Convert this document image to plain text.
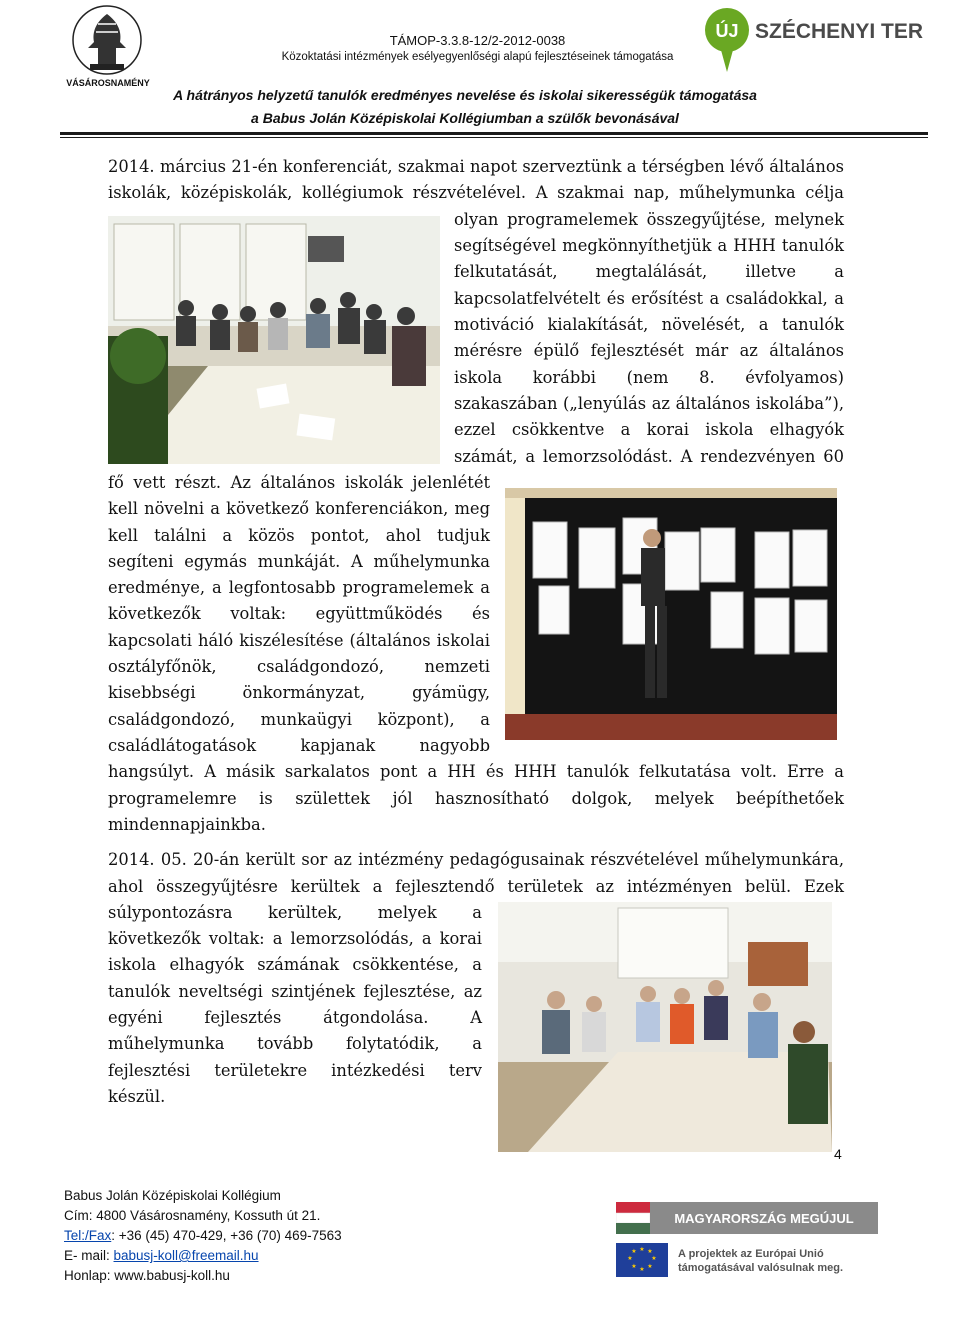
VÁSÁROSNAMÉNY
TÁMOP-3.3.8-12/2-2012-0038
Közoktatási intézmények esélyegyenlőségi alapú fejlesztéseinek támogatása
ÚJ SZÉCHENYI TERV
A hátrányos helyzetű tanulók eredményes nevelése és iskolai sikerességük támogatása
a Babus Jolán Középiskolai Kollégiumban a szülők bevonásával
2014. március 21-én konferenciát, szakmai napot szerveztünk a térségben lévő általános
iskolák, középiskolák, kollégiumok részvételével. A szakmai nap, műhelymunka célja
olyan programelemek összegyűjtése, melynek
segítségével megkönnyíthetjük a HHH tanulók
felkutatását, megtalálását, illetve a
kapcsolatfelvételt és erősítést a családokkal, a
motiváció kialakítását, növelését, a tanulók
mérésre épülő fejlesztését már az általános
iskola korábbi (nem 8. évfolyamos)
szakaszában („lenyúlás az általános iskolába”),
ezzel csökkentve a korai iskola elhagyók
számát, a lemorzsolódást. A rendezvényen 60
fő vett részt. Az általános iskolák jelenlétét
kell növelni a következő konferenciákon, meg
kell találni a közös pontot, ahol tudjuk
segíteni egymás munkáját. A műhelymunka
eredménye, a legfontosabb programelemek a
következők voltak: együttműködés és
kapcsolati háló kiszélesítése (általános iskolai
osztályfőnök, családgondozó, nemzeti
kisebbségi önkormányzat, gyámügy,
családgondozó, munkaügyi központ), a
családlátogatások kapjanak nagyobb
hangsúlyt. A másik sarkalatos pont a HH és HHH tanulók felkutatása volt. Erre a
programelemre is születtek jól hasznosítható dolgok, melyek beépíthetőek
mindennapjainkba.
2014. 05. 20-án került sor az intézmény pedagógusainak részvételével műhelymunkára,
ahol összegyűjtésre kerültek a fejlesztendő területek az intézményen belül. Ezek
súlypontozásra kerültek, melyek a
következők voltak: a lemorzsolódás, a korai
iskola elhagyók számának csökkentése, a
tanulók neveltségi szintjének fejlesztése, az
egyéni fejlesztés átgondolása. A
műhelymunka tovább folytatódik, a
fejlesztési területekre intézkedési terv
készül.
4
Babus Jolán Középiskolai Kollégium
Cím: 4800 Vásárosnamény, Kossuth út 21.
Tel:/Fax: +36 (45) 470-429, +36 (70) 469-7563
E- mail: babusj-koll@freemail.hu
Honlap: www.babusj-koll.hu
MAGYARORSZÁG MEGÚJUL
★ ★
★
★
★
★
★
★	A projektek az Európai Unió
támogatásával valósulnak meg.
